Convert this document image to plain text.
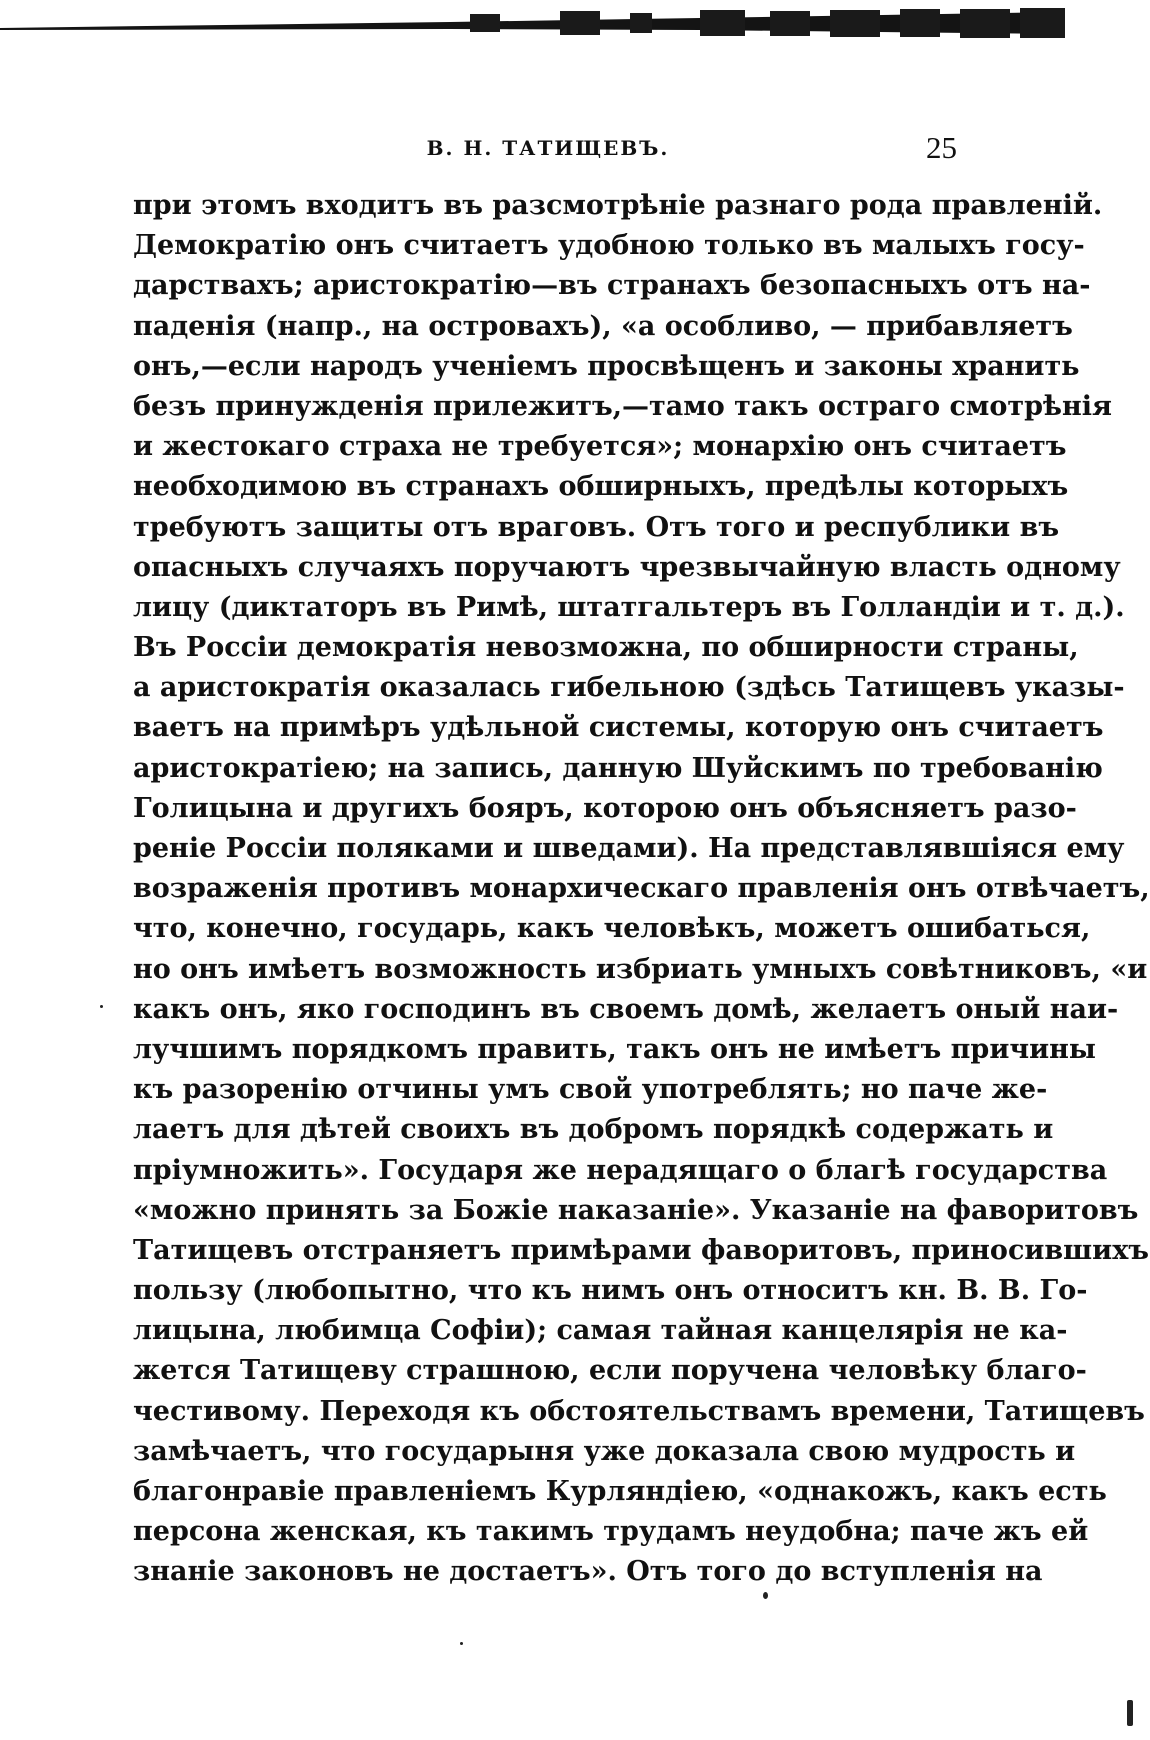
В. Н. ТАТИЩЕВЪ.	25
при этомъ входитъ въ разсмотрѣніе разнаго рода правленій.
Демократію онъ считаетъ удобною только въ малыхъ госу-
дарствахъ; аристократію—въ странахъ безопасныхъ отъ на-
паденія (напр., на островахъ), «а особливо, — прибавляетъ
онъ,—если народъ ученіемъ просвѣщенъ и законы хранить
безъ принужденія прилежитъ,—тамо такъ остраго смотрѣнія
и жестокаго страха не требуется»; монархію онъ считаетъ
необходимою въ странахъ обширныхъ, предѣлы которыхъ
требуютъ защиты отъ враговъ. Отъ того и республики въ
опасныхъ случаяхъ поручаютъ чрезвычайную власть одному
лицу (диктаторъ въ Римѣ, штатгальтеръ въ Голландіи и т. д.).
Въ Россіи демократія невозможна, по обширности страны,
а аристократія оказалась гибельною (здѣсь Татищевъ указы-
ваетъ на примѣръ удѣльной системы, которую онъ считаетъ
аристократіею; на запись, данную Шуйскимъ по требованію
Голицына и другихъ бояръ, которою онъ объясняетъ разо-
реніе Россіи поляками и шведами). На представлявшіяся ему
возраженія противъ монархическаго правленія онъ отвѣчаетъ,
что, конечно, государь, какъ человѣкъ, можетъ ошибаться,
но онъ имѣетъ возможность избриать умныхъ совѣтниковъ, «и
какъ онъ, яко господинъ въ своемъ домѣ, желаетъ оный наи-
лучшимъ порядкомъ править, такъ онъ не имѣетъ причины
къ разоренію отчины умъ свой употреблять; но паче же-
лаетъ для дѣтей своихъ въ добромъ порядкѣ содержать и
пріумножить». Государя же нерадящаго о благѣ государства
«можно принять за Божіе наказаніе». Указаніе на фаворитовъ
Татищевъ отстраняетъ примѣрами фаворитовъ, приносившихъ
пользу (любопытно, что къ нимъ онъ относитъ кн. В. В. Го-
лицына, любимца Софіи); самая тайная канцелярія не ка-
жется Татищеву страшною, если поручена человѣку благо-
честивому. Переходя къ обстоятельствамъ времени, Татищевъ
замѣчаетъ, что государыня уже доказала свою мудрость и
благонравіе правленіемъ Курляндіею, «однакожъ, какъ есть
персона женская, къ такимъ трудамъ неудобна; паче жъ ей
знаніе законовъ не достаетъ». Отъ того до вступленія на
